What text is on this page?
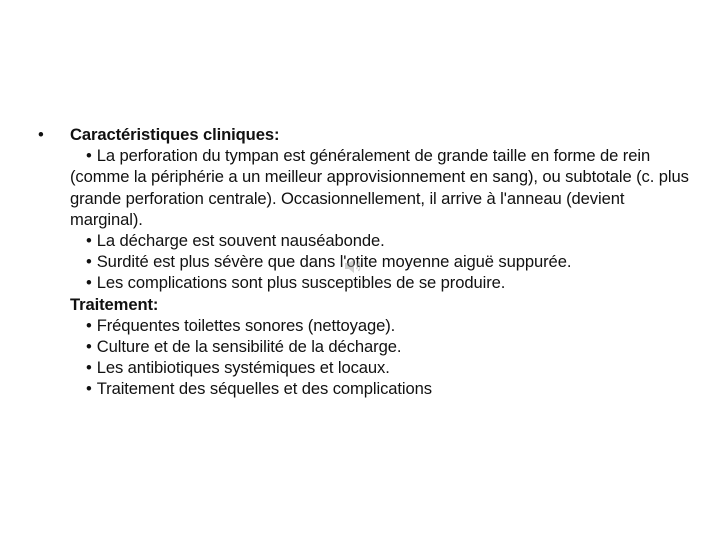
•	Caractéristiques cliniques:
• La perforation du tympan est généralement de grande taille en forme de rein (comme la périphérie a un meilleur approvisionnement en sang), ou subtotale (c. plus grande perforation centrale). Occasionnellement, il arrive à l'anneau (devient marginal).
• La décharge est souvent nauséabonde.
• Surdité est plus sévère que dans l'otite moyenne aiguë suppurée.
• Les complications sont plus susceptibles de se produire.
Traitement:
• Fréquentes toilettes sonores (nettoyage).
• Culture et de la sensibilité de la décharge.
• Les antibiotiques systémiques et locaux.
• Traitement des séquelles et des complications
